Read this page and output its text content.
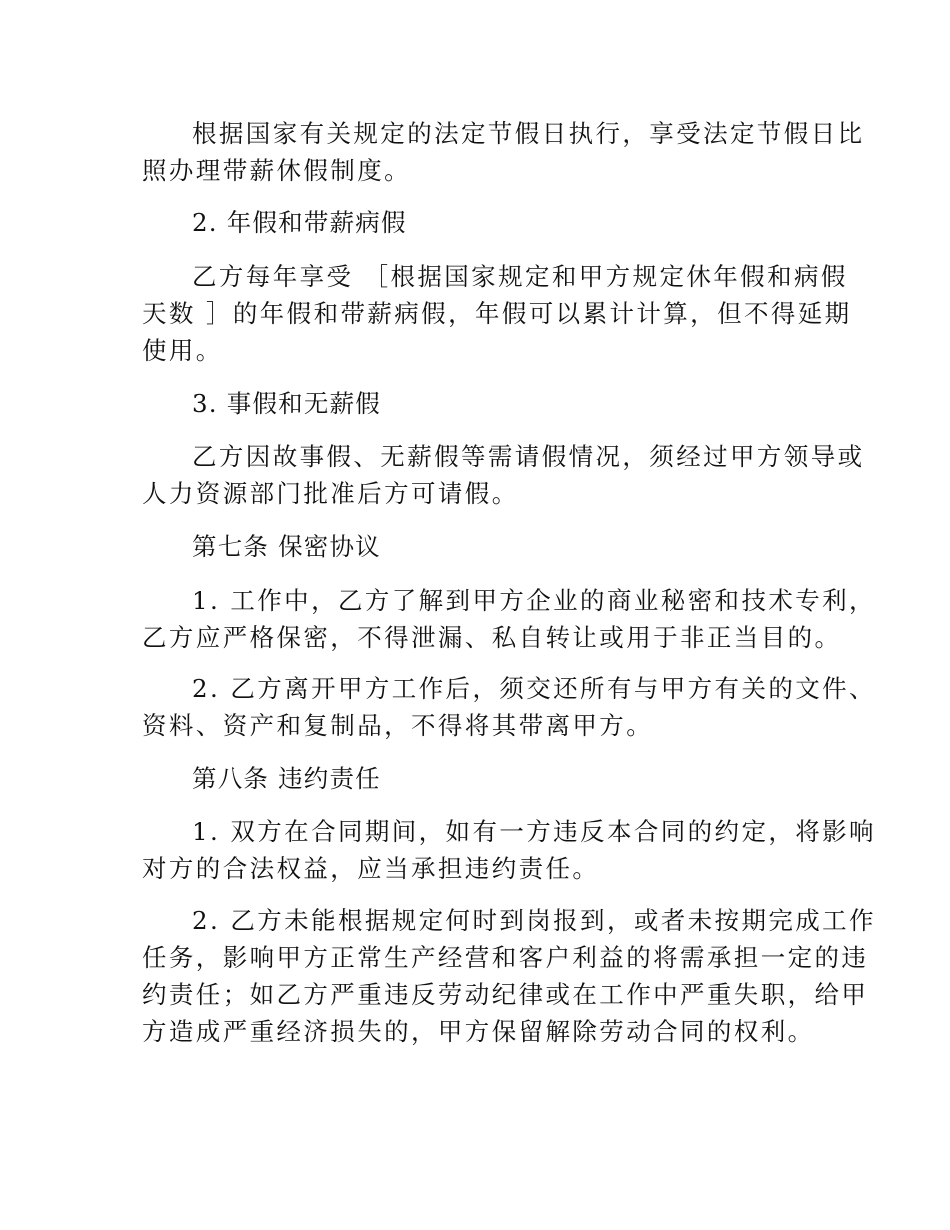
根据国家有关规定的法定节假日执行，享受法定节假日比
照办理带薪休假制度。

2. 年假和带薪病假

乙方每年享受 ［根据国家规定和甲方规定休年假和病假
天数 ］的年假和带薪病假，年假可以累计计算，但不得延期
使用。

3. 事假和无薪假

乙方因故事假、无薪假等需请假情况，须经过甲方领导或
人力资源部门批准后方可请假。

第七条 保密协议

1. 工作中，乙方了解到甲方企业的商业秘密和技术专利，
乙方应严格保密，不得泄漏、私自转让或用于非正当目的。

2. 乙方离开甲方工作后，须交还所有与甲方有关的文件、
资料、资产和复制品，不得将其带离甲方。

第八条 违约责任

1. 双方在合同期间，如有一方违反本合同的约定，将影响
对方的合法权益，应当承担违约责任。

2. 乙方未能根据规定何时到岗报到，或者未按期完成工作
任务，影响甲方正常生产经营和客户利益的将需承担一定的违
约责任；如乙方严重违反劳动纪律或在工作中严重失职，给甲
方造成严重经济损失的，甲方保留解除劳动合同的权利。
